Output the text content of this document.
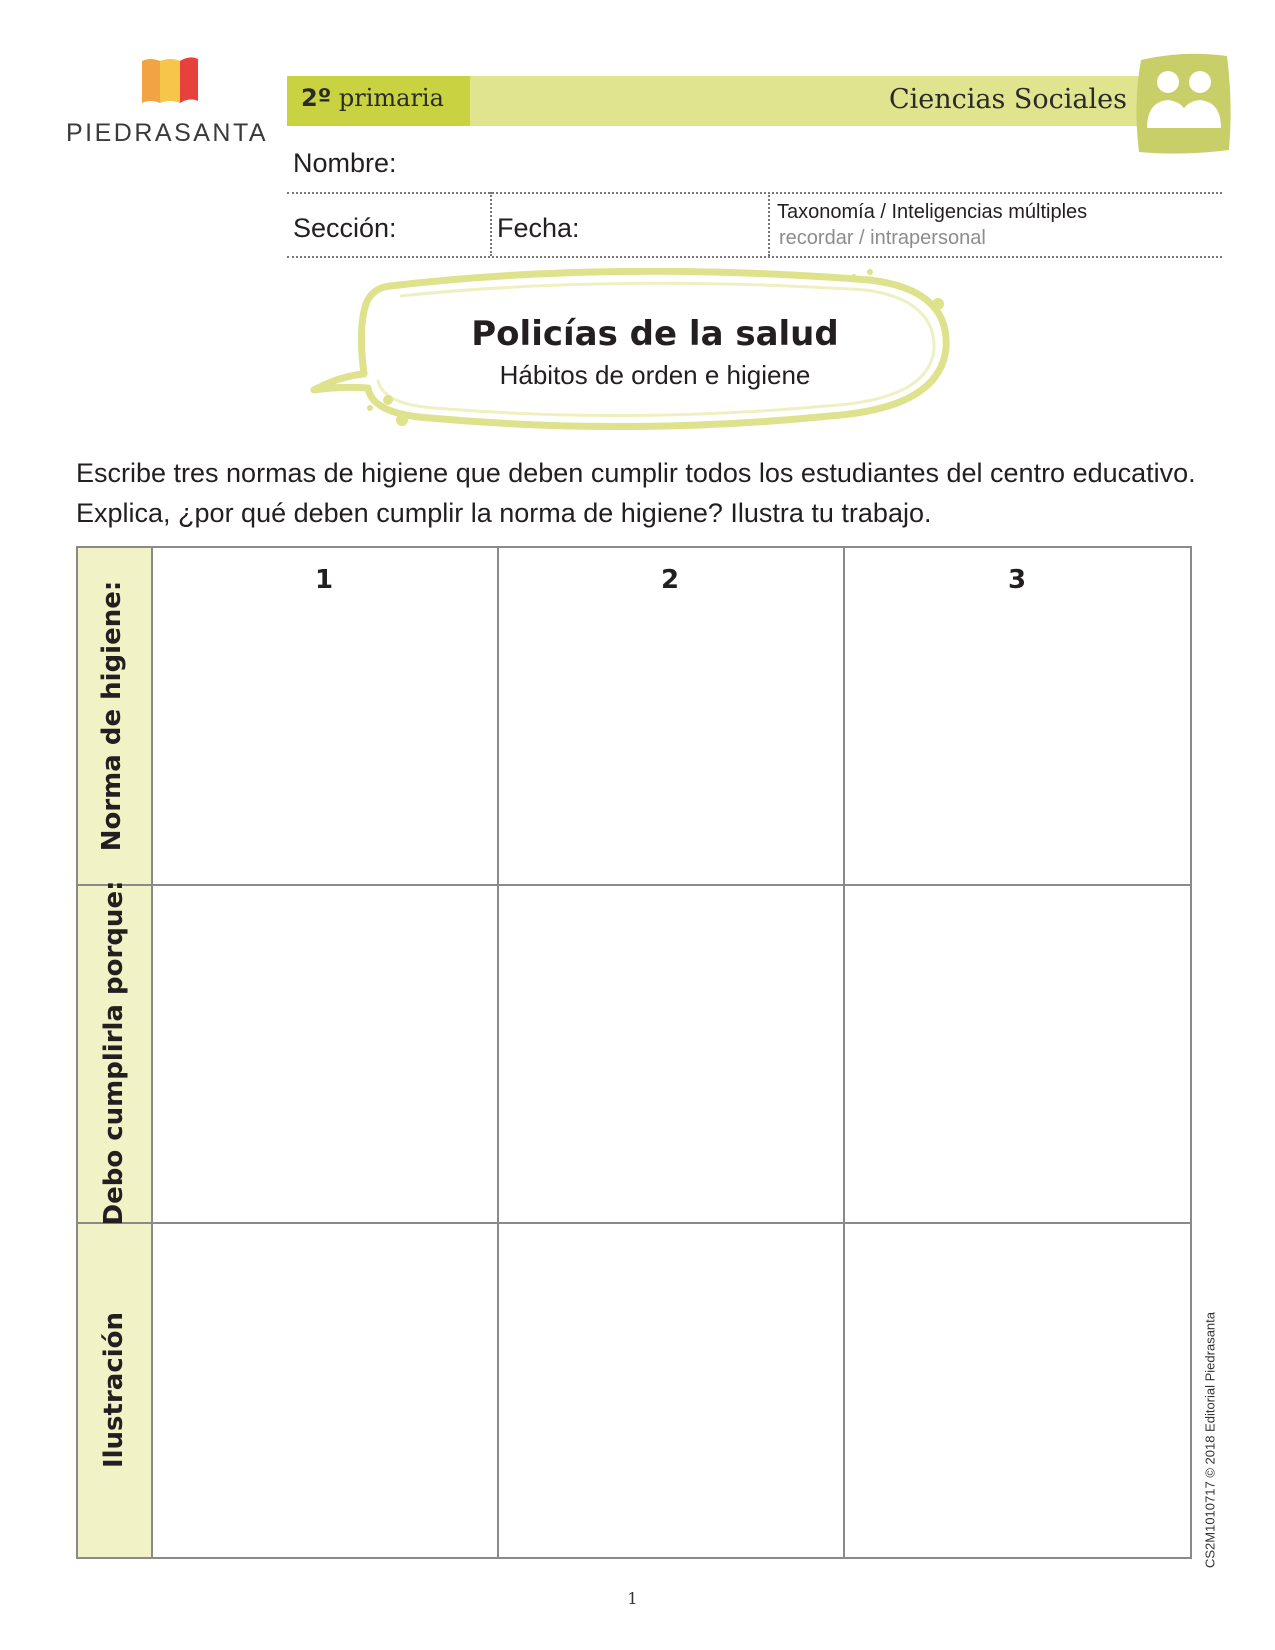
PIEDRASANTA
2º primaria	Ciencias Sociales
Nombre:
Sección:	Fecha:
Taxonomía / Inteligencias múltiples
recordar / intrapersonal
Policías de la salud
Hábitos de orden e higiene
Escribe tres normas de higiene que deben cumplir todos los estudiantes del centro educativo. Explica, ¿por qué deben cumplir la norma de higiene? Ilustra tu trabajo.
1	2	3
Norma de higiene:
Debo cumplirla porque:
Ilustración	CS2M1010717 © 2018 Editorial Piedrasanta
1
